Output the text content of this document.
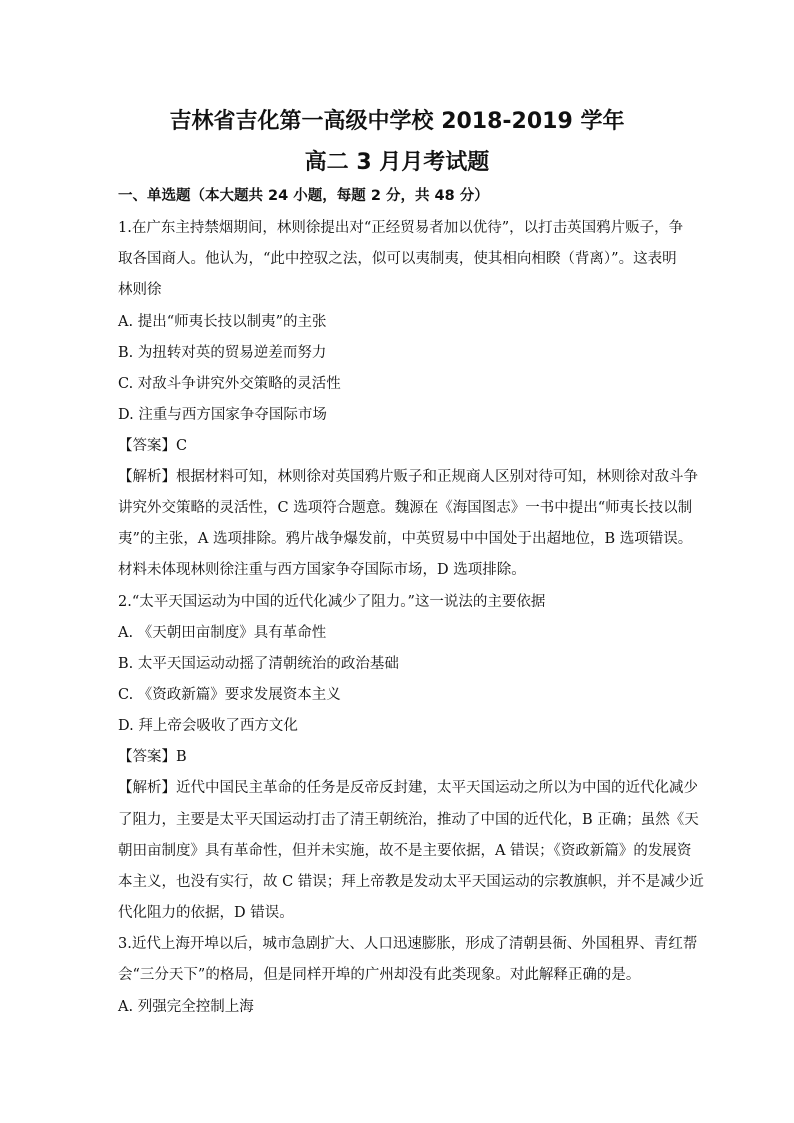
吉林省吉化第一高级中学校 2018-2019 学年
高二 3 月月考试题
一、单选题（本大题共 24 小题，每题 2 分，共 48 分）
1.在广东主持禁烟期间，林则徐提出对“正经贸易者加以优待”，以打击英国鸦片贩子，争
取各国商人。他认为，“此中控驭之法，似可以夷制夷，使其相向相睽（背离）”。这表明
林则徐
A. 提出“师夷长技以制夷”的主张
B. 为扭转对英的贸易逆差而努力
C. 对敌斗争讲究外交策略的灵活性
D. 注重与西方国家争夺国际市场
【答案】C
【解析】根据材料可知，林则徐对英国鸦片贩子和正规商人区别对待可知，林则徐对敌斗争
讲究外交策略的灵活性，C 选项符合题意。魏源在《海国图志》一书中提出“师夷长技以制
夷”的主张，A 选项排除。鸦片战争爆发前，中英贸易中中国处于出超地位，B 选项错误。
材料未体现林则徐注重与西方国家争夺国际市场，D 选项排除。
2.“太平天国运动为中国的近代化减少了阻力。”这一说法的主要依据
A. 《天朝田亩制度》具有革命性
B. 太平天国运动动摇了清朝统治的政治基础
C. 《资政新篇》要求发展资本主义
D. 拜上帝会吸收了西方文化
【答案】B
【解析】近代中国民主革命的任务是反帝反封建，太平天国运动之所以为中国的近代化减少
了阻力，主要是太平天国运动打击了清王朝统治，推动了中国的近代化，B 正确；虽然《天
朝田亩制度》具有革命性，但并未实施，故不是主要依据，A 错误；《资政新篇》的发展资
本主义，也没有实行，故 C 错误；拜上帝教是发动太平天国运动的宗教旗帜，并不是减少近
代化阻力的依据，D 错误。
3.近代上海开埠以后，城市急剧扩大、人口迅速膨胀，形成了清朝县衙、外国租界、青红帮
会“三分天下”的格局，但是同样开埠的广州却没有此类现象。对此解释正确的是。
A. 列强完全控制上海
